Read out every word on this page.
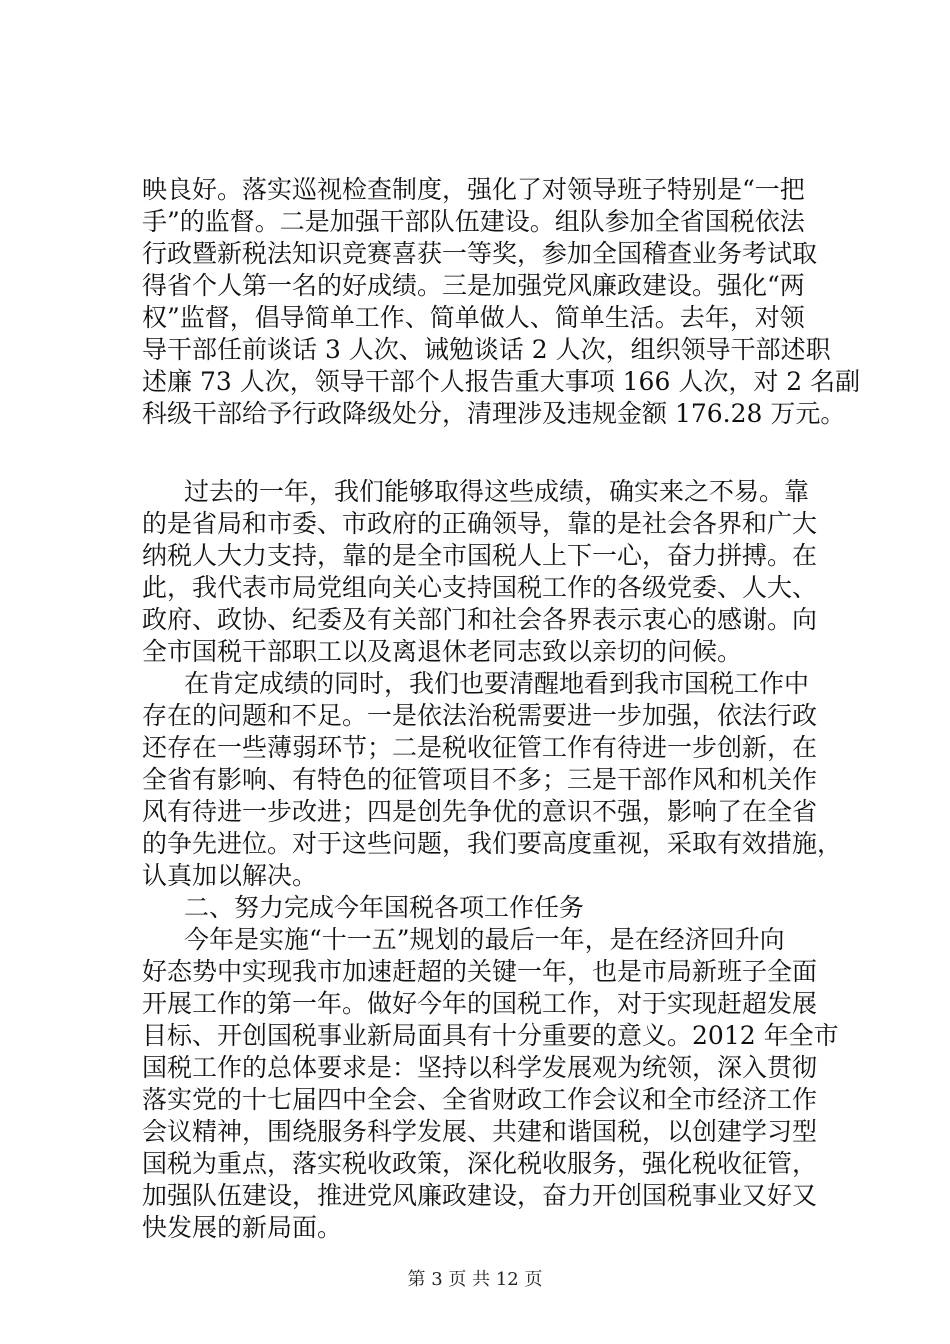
映良好。落实巡视检查制度，强化了对领导班子特别是“一把
手”的监督。二是加强干部队伍建设。组队参加全省国税依法
行政暨新税法知识竞赛喜获一等奖，参加全国稽查业务考试取
得省个人第一名的好成绩。三是加强党风廉政建设。强化“两
权”监督，倡导简单工作、简单做人、简单生活。去年，对领
导干部任前谈话 3 人次、诫勉谈话 2 人次，组织领导干部述职
述廉 73 人次，领导干部个人报告重大事项 166 人次，对 2 名副
科级干部给予行政降级处分，清理涉及违规金额 176.28 万元。
过去的一年，我们能够取得这些成绩，确实来之不易。靠
的是省局和市委、市政府的正确领导，靠的是社会各界和广大
纳税人大力支持，靠的是全市国税人上下一心，奋力拼搏。在
此，我代表市局党组向关心支持国税工作的各级党委、人大、
政府、政协、纪委及有关部门和社会各界表示衷心的感谢。向
全市国税干部职工以及离退休老同志致以亲切的问候。
在肯定成绩的同时，我们也要清醒地看到我市国税工作中
存在的问题和不足。一是依法治税需要进一步加强，依法行政
还存在一些薄弱环节；二是税收征管工作有待进一步创新，在
全省有影响、有特色的征管项目不多；三是干部作风和机关作
风有待进一步改进；四是创先争优的意识不强，影响了在全省
的争先进位。对于这些问题，我们要高度重视，采取有效措施，
认真加以解决。
二、努力完成今年国税各项工作任务
今年是实施“十一五”规划的最后一年，是在经济回升向
好态势中实现我市加速赶超的关键一年，也是市局新班子全面
开展工作的第一年。做好今年的国税工作，对于实现赶超发展
目标、开创国税事业新局面具有十分重要的意义。2012 年全市
国税工作的总体要求是：坚持以科学发展观为统领，深入贯彻
落实党的十七届四中全会、全省财政工作会议和全市经济工作
会议精神，围绕服务科学发展、共建和谐国税，以创建学习型
国税为重点，落实税收政策，深化税收服务，强化税收征管，
加强队伍建设，推进党风廉政建设，奋力开创国税事业又好又
快发展的新局面。
第 3 页 共 12 页
